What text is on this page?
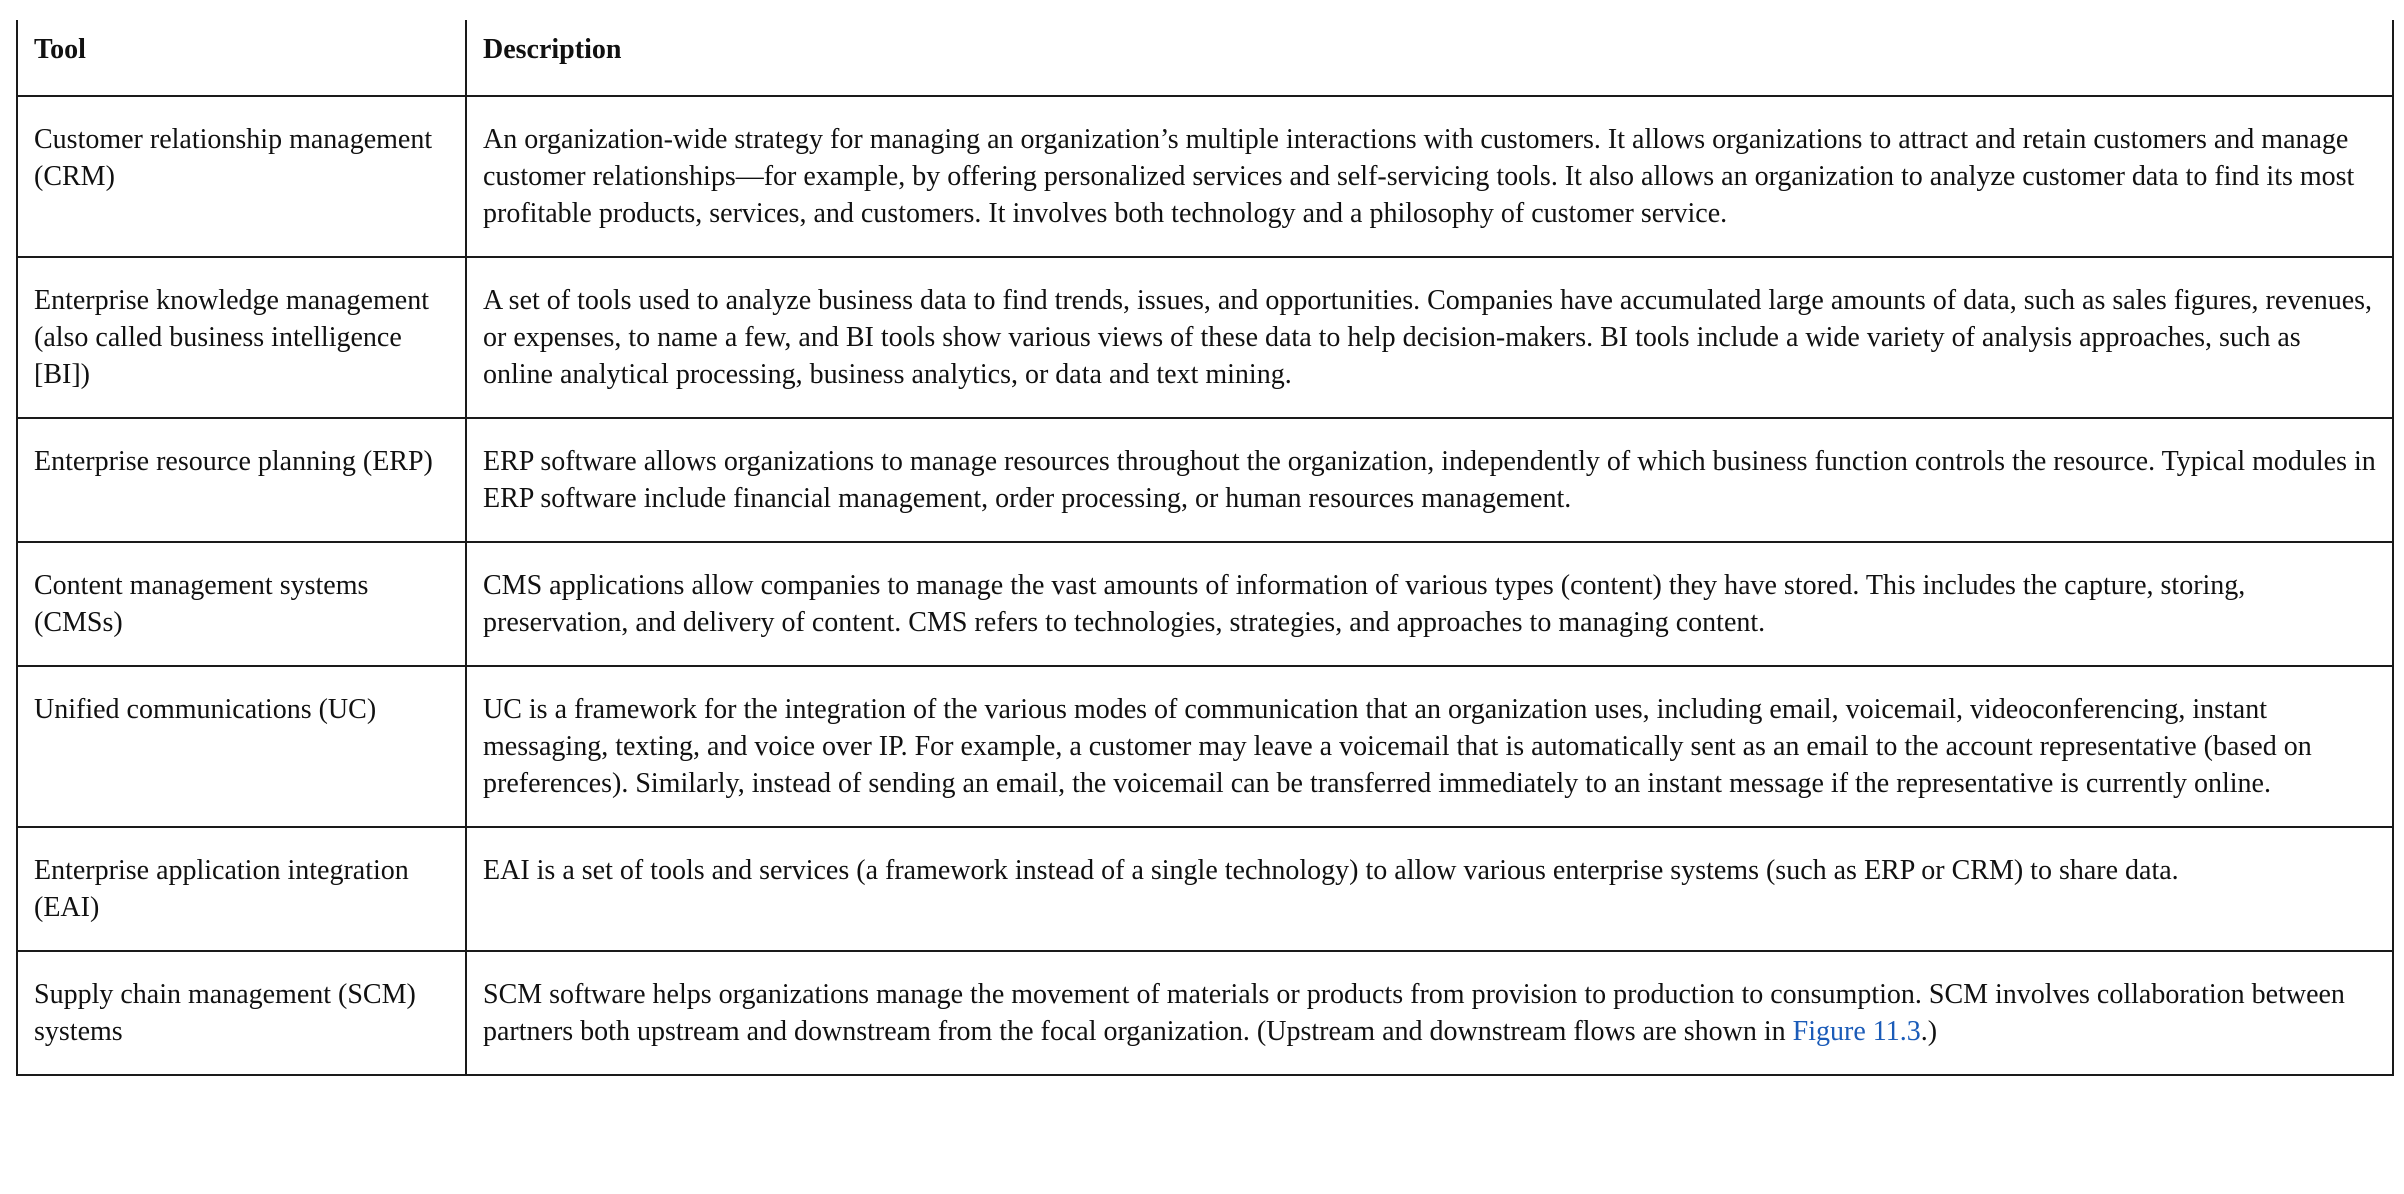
Tool	Description
Customer relationship management (CRM)	An organization-wide strategy for managing an organization’s multiple interactions with customers. It allows organizations to attract and retain customers and manage customer relationships—for example, by offering personalized services and self-servicing tools. It also allows an organization to analyze customer data to find its most profitable products, services, and customers. It involves both technology and a philosophy of customer service.
Enterprise knowledge management (also called business intelligence [BI])	A set of tools used to analyze business data to find trends, issues, and opportunities. Companies have accumulated large amounts of data, such as sales figures, revenues, or expenses, to name a few, and BI tools show various views of these data to help decision-makers. BI tools include a wide variety of analysis approaches, such as online analytical processing, business analytics, or data and text mining.
Enterprise resource planning (ERP)	ERP software allows organizations to manage resources throughout the organization, independently of which business function controls the resource. Typical modules in ERP software include financial management, order processing, or human resources management.
Content management systems (CMSs)	CMS applications allow companies to manage the vast amounts of information of various types (content) they have stored. This includes the capture, storing, preservation, and delivery of content. CMS refers to technologies, strategies, and approaches to managing content.
Unified communications (UC)	UC is a framework for the integration of the various modes of communication that an organization uses, including email, voicemail, videoconferencing, instant messaging, texting, and voice over IP. For example, a customer may leave a voicemail that is automatically sent as an email to the account representative (based on preferences). Similarly, instead of sending an email, the voicemail can be transferred immediately to an instant message if the representative is currently online.
Enterprise application integration (EAI)	EAI is a set of tools and services (a framework instead of a single technology) to allow various enterprise systems (such as ERP or CRM) to share data.
Supply chain management (SCM) systems	SCM software helps organizations manage the movement of materials or products from provision to production to consumption. SCM involves collaboration between partners both upstream and downstream from the focal organization. (Upstream and downstream flows are shown in Figure 11.3.)
